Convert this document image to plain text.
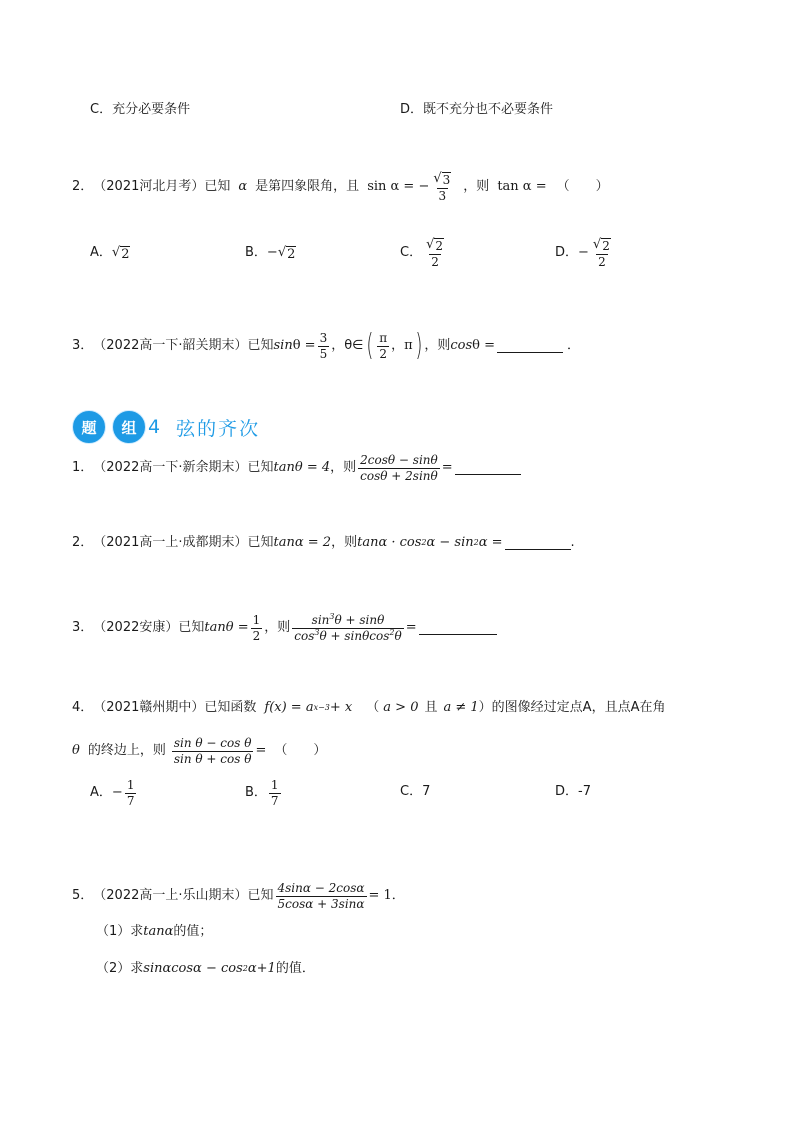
C．充分必要条件	D．既不充分也不必要条件
2． （2021河北月考） 已知 α 是第四象限角，且 sin α = − $\frac{√ 3}{3}$ ，则 tan α = （　　）
A． √ 2	B． − √ 2	C． $\frac{√ 2}{2}$	D． − $\frac{√ 2}{2}$
3． （2022高一下·韶关期末） 已知 $\sin \theta = \frac{3}{5}$ ，θ∈ ( $\frac{\pi}{2}$ ，π ) ，则 cos θ =	．
题	组 4 弦的齐次
1． （2022高一下·新余期末） 已知 tanθ = 4 ，则 $\frac{2\cos\theta - \sin\theta}{\cos\theta + 2\sin\theta}$ =
2． （2021高一上·成都期末） 已知 tanα = 2 ，则 tanα · cos 2 α − sin 2 α =	.
3． （2022安康） 已知 $\tan\theta = \frac{1}{2}$ ，则 $\frac{\sin^3\theta + \sin\theta}{\cos^3\theta + \sin\theta\cos^2\theta}$ =
4． （2021赣州期中） 已知函数 f(x) = a x−3 + x （ a > 0 且 a ≠ 1 ）的图像经过定点A，且点A在角
θ 的终边上，则 $\frac{\text{sin θ − cos θ}}{\text{sin θ + cos θ}}$ = （　　）
A． − $\frac{1}{7}$	B． $\frac{1}{7}$	C．7	D．-7
5． （2022高一上·乐山期末） 已知 $\frac{4\sin\alpha - 2\cos\alpha}{5\cos\alpha + 3\sin\alpha} = 1$．
（1）求 tanα 的值；
（2）求 sinαcosα − cos 2 α+1 的值．
